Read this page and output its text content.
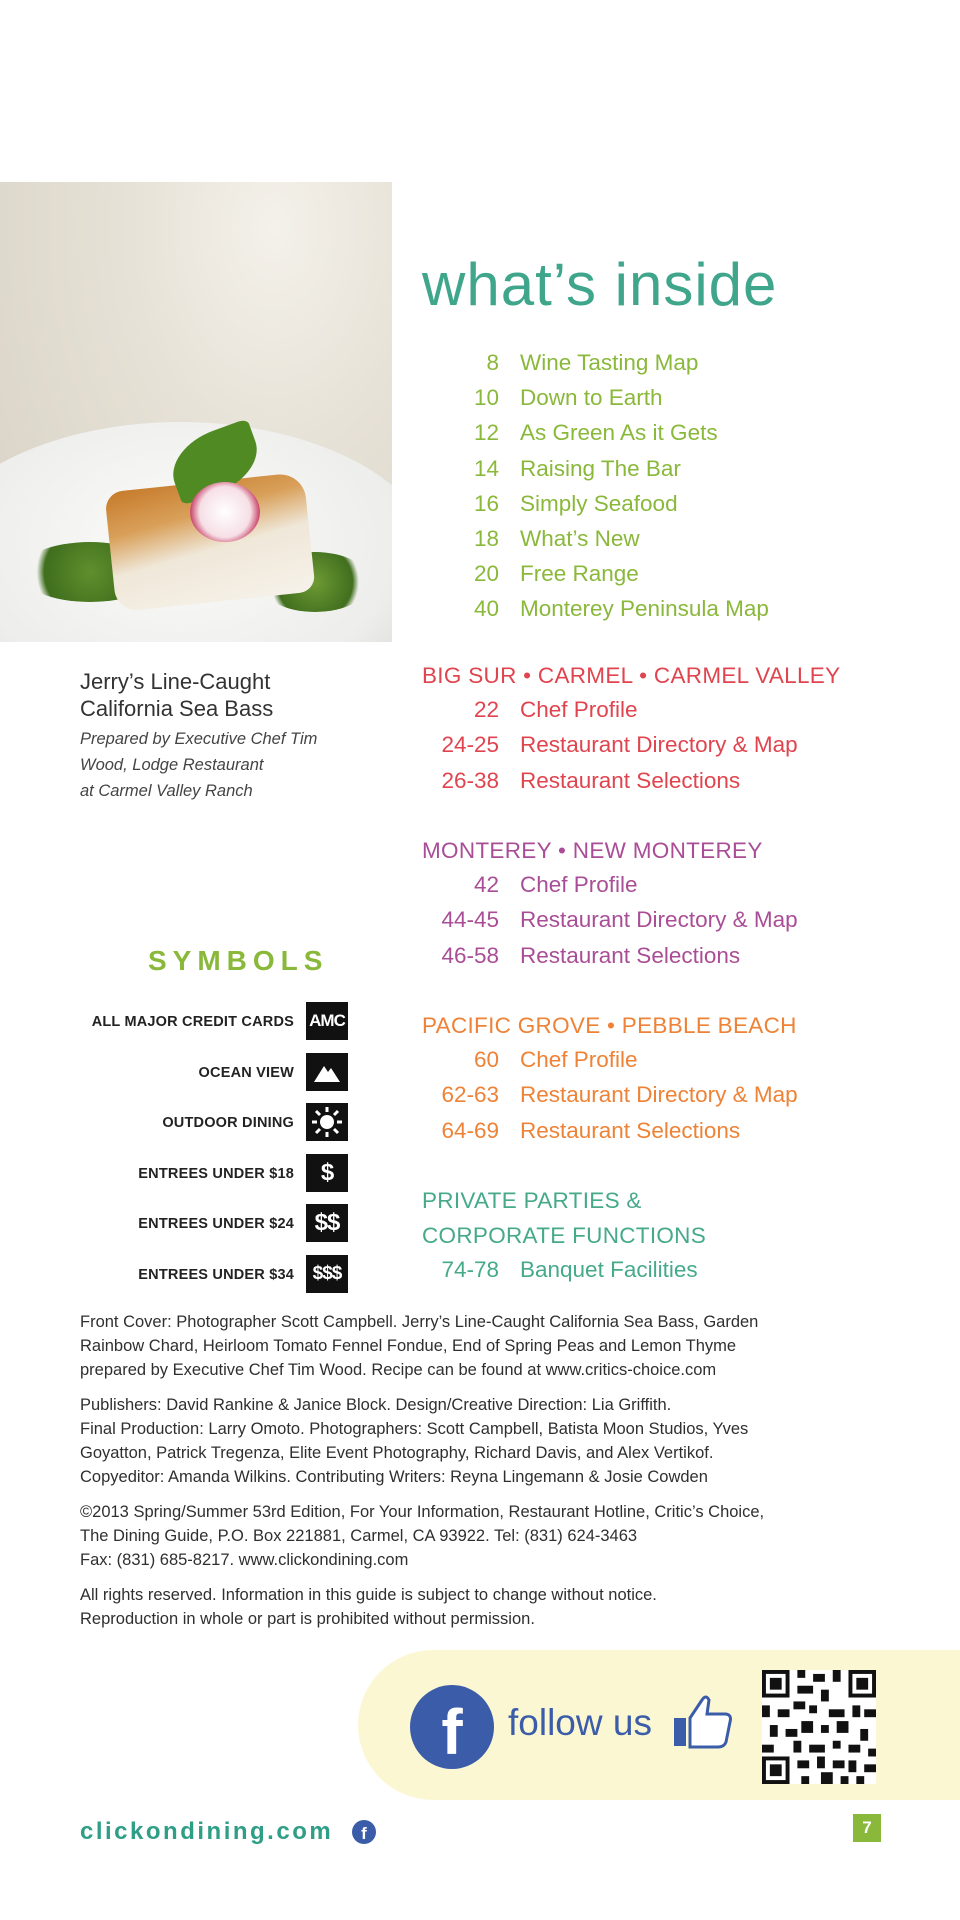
Jerry’s Line-Caught
California Sea Bass
Prepared by Executive Chef Tim
Wood, Lodge Restaurant
at Carmel Valley Ranch
what’s inside
8 Wine Tasting Map
10 Down to Earth
12 As Green As it Gets
14 Raising The Bar
16 Simply Seafood
18 What’s New
20 Free Range
40 Monterey Peninsula Map
BIG SUR • CARMEL • CARMEL VALLEY
22 Chef Profile
24-25 Restaurant Directory & Map
26-38 Restaurant Selections
MONTEREY • NEW MONTEREY
42 Chef Profile
44-45 Restaurant Directory & Map
46-58 Restaurant Selections
PACIFIC GROVE • PEBBLE BEACH
60 Chef Profile
62-63 Restaurant Directory & Map
64-69 Restaurant Selections
PRIVATE PARTIES &
CORPORATE FUNCTIONS
74-78 Banquet Facilities
SYMBOLS
ALL MAJOR CREDIT CARDS AMC
OCEAN VIEW
OUTDOOR DINING
ENTREES UNDER $18 $
ENTREES UNDER $24 $$
ENTREES UNDER $34 $$$
Front Cover: Photographer Scott Campbell. Jerry’s Line-Caught California Sea Bass, Garden
Rainbow Chard, Heirloom Tomato Fennel Fondue, End of Spring Peas and Lemon Thyme
prepared by Executive Chef Tim Wood. Recipe can be found at www.critics-choice.com
Publishers: David Rankine & Janice Block. Design/Creative Direction: Lia Griffith.
Final Production: Larry Omoto. Photographers: Scott Campbell, Batista Moon Studios, Yves
Goyatton, Patrick Tregenza, Elite Event Photography, Richard Davis, and Alex Vertikof.
Copyeditor: Amanda Wilkins. Contributing Writers: Reyna Lingemann & Josie Cowden
©2013 Spring/Summer 53rd Edition, For Your Information, Restaurant Hotline, Critic’s Choice,
The Dining Guide, P.O. Box 221881, Carmel, CA 93922. Tel: (831) 624-3463
Fax: (831) 685-8217. www.clickondining.com
All rights reserved. Information in this guide is subject to change without notice.
Reproduction in whole or part is prohibited without permission.
f follow us
clickondining.com f	7
